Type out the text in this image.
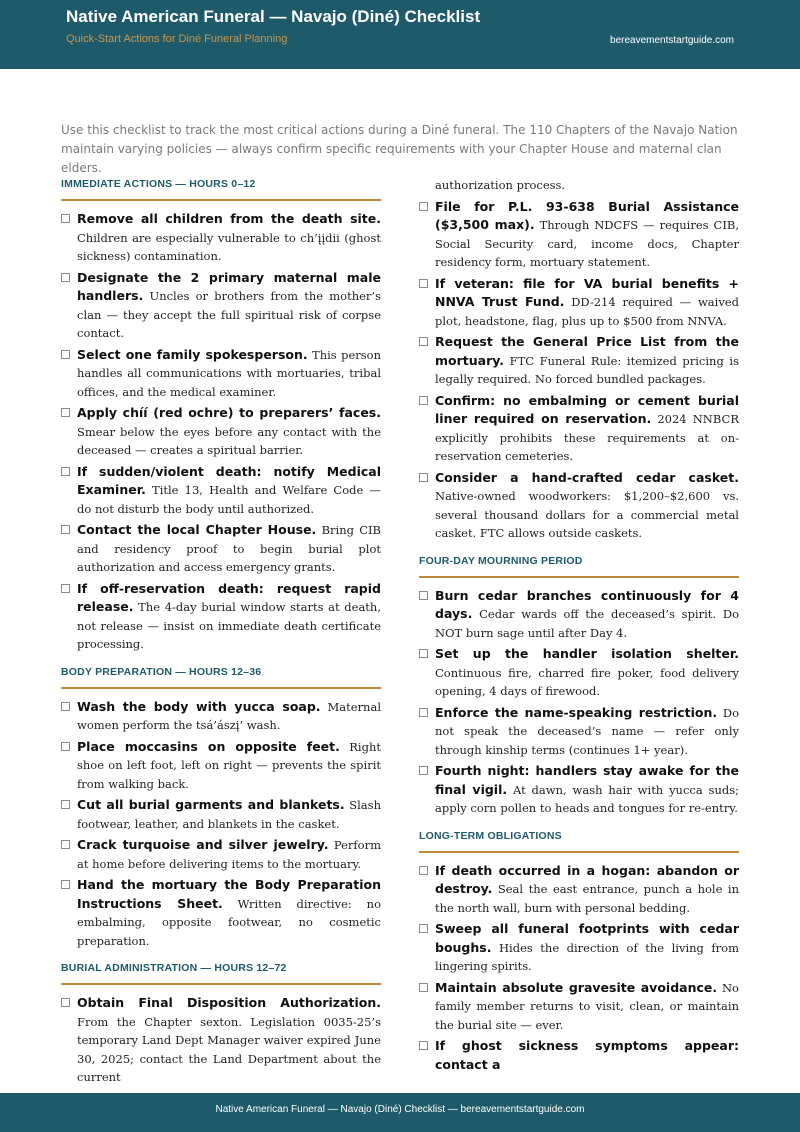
Native American Funeral — Navajo (Diné) Checklist
Quick-Start Actions for Diné Funeral Planning	bereavementstartguide.com
Use this checklist to track the most critical actions during a Diné funeral. The 110 Chapters of the Navajo Nation maintain varying policies — always confirm specific requirements with your Chapter House and maternal clan elders.
IMMEDIATE ACTIONS — HOURS 0–12
Remove all children from the death site. Children are especially vulnerable to ch’įįdii (ghost sickness) contamination.
Designate the 2 primary maternal male handlers. Uncles or brothers from the mother’s clan — they accept the full spiritual risk of corpse contact.
Select one family spokesperson. This person handles all communications with mortuaries, tribal offices, and the medical examiner.
Apply chíí (red ochre) to preparers’ faces. Smear below the eyes before any contact with the deceased — creates a spiritual barrier.
If sudden/violent death: notify Medical Examiner. Title 13, Health and Welfare Code — do not disturb the body until authorized.
Contact the local Chapter House. Bring CIB and residency proof to begin burial plot authorization and access emergency grants.
If off-reservation death: request rapid release. The 4-day burial window starts at death, not release — insist on immediate death certificate processing.
BODY PREPARATION — HOURS 12–36
Wash the body with yucca soap. Maternal women perform the tsá’ászį’ wash.
Place moccasins on opposite feet. Right shoe on left foot, left on right — prevents the spirit from walking back.
Cut all burial garments and blankets. Slash footwear, leather, and blankets in the casket.
Crack turquoise and silver jewelry. Perform at home before delivering items to the mortuary.
Hand the mortuary the Body Preparation Instructions Sheet. Written directive: no embalming, opposite footwear, no cosmetic preparation.
BURIAL ADMINISTRATION — HOURS 12–72
Obtain Final Disposition Authorization. From the Chapter sexton. Legislation 0035-25’s temporary Land Dept Manager waiver expired June 30, 2025; contact the Land Department about the current
authorization process.
File for P.L. 93-638 Burial Assistance ($3,500 max). Through NDCFS — requires CIB, Social Security card, income docs, Chapter residency form, mortuary statement.
If veteran: file for VA burial benefits + NNVA Trust Fund. DD-214 required — waived plot, headstone, flag, plus up to $500 from NNVA.
Request the General Price List from the mortuary. FTC Funeral Rule: itemized pricing is legally required. No forced bundled packages.
Confirm: no embalming or cement burial liner required on reservation. 2024 NNBCR explicitly prohibits these requirements at on-reservation cemeteries.
Consider a hand-crafted cedar casket. Native-owned woodworkers: $1,200–$2,600 vs. several thousand dollars for a commercial metal casket. FTC allows outside caskets.
FOUR-DAY MOURNING PERIOD
Burn cedar branches continuously for 4 days. Cedar wards off the deceased’s spirit. Do NOT burn sage until after Day 4.
Set up the handler isolation shelter. Continuous fire, charred fire poker, food delivery opening, 4 days of firewood.
Enforce the name-speaking restriction. Do not speak the deceased’s name — refer only through kinship terms (continues 1+ year).
Fourth night: handlers stay awake for the final vigil. At dawn, wash hair with yucca suds; apply corn pollen to heads and tongues for re-entry.
LONG-TERM OBLIGATIONS
If death occurred in a hogan: abandon or destroy. Seal the east entrance, punch a hole in the north wall, burn with personal bedding.
Sweep all funeral footprints with cedar boughs. Hides the direction of the living from lingering spirits.
Maintain absolute gravesite avoidance. No family member returns to visit, clean, or maintain the burial site — ever.
If ghost sickness symptoms appear: contact a
Native American Funeral — Navajo (Diné) Checklist — bereavementstartguide.com
